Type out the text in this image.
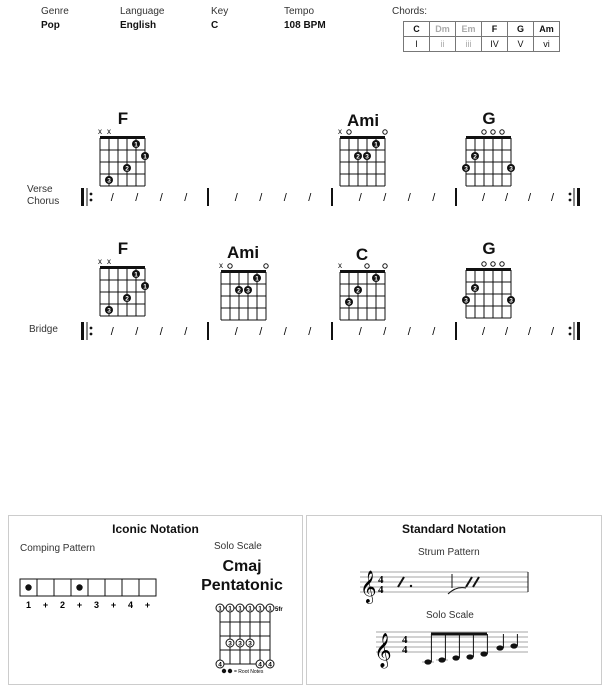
Genre
Pop
Language
English
Key
C
Tempo
108 BPM
Chords:
C	Dm	Em	F	G	Am
I	ii	iii	IV	V	vi
F	Ami	G
x x
1
1
2
3
x
1
2 3	2
3	3
Verse
Chorus	/ / / /	/ / / /	/ / / /	/ / / /
F	Ami	C	G
x x
1
1
2
3
x
1
2 3
x
1
2
3
2
3	3
Bridge	/ / / /	/ / / /	/ / / /	/ / / /
Iconic Notation
Comping Pattern
1 + 2 + 3 + 4 +
Solo Scale
Cmaj
Pentatonic
5fr
1 1 1 1 1 1
3 3 3
4	4 4
= Root Notes
Standard Notation
Strum Pattern
𝄞 4
4
Solo Scale
𝄞 4
4
